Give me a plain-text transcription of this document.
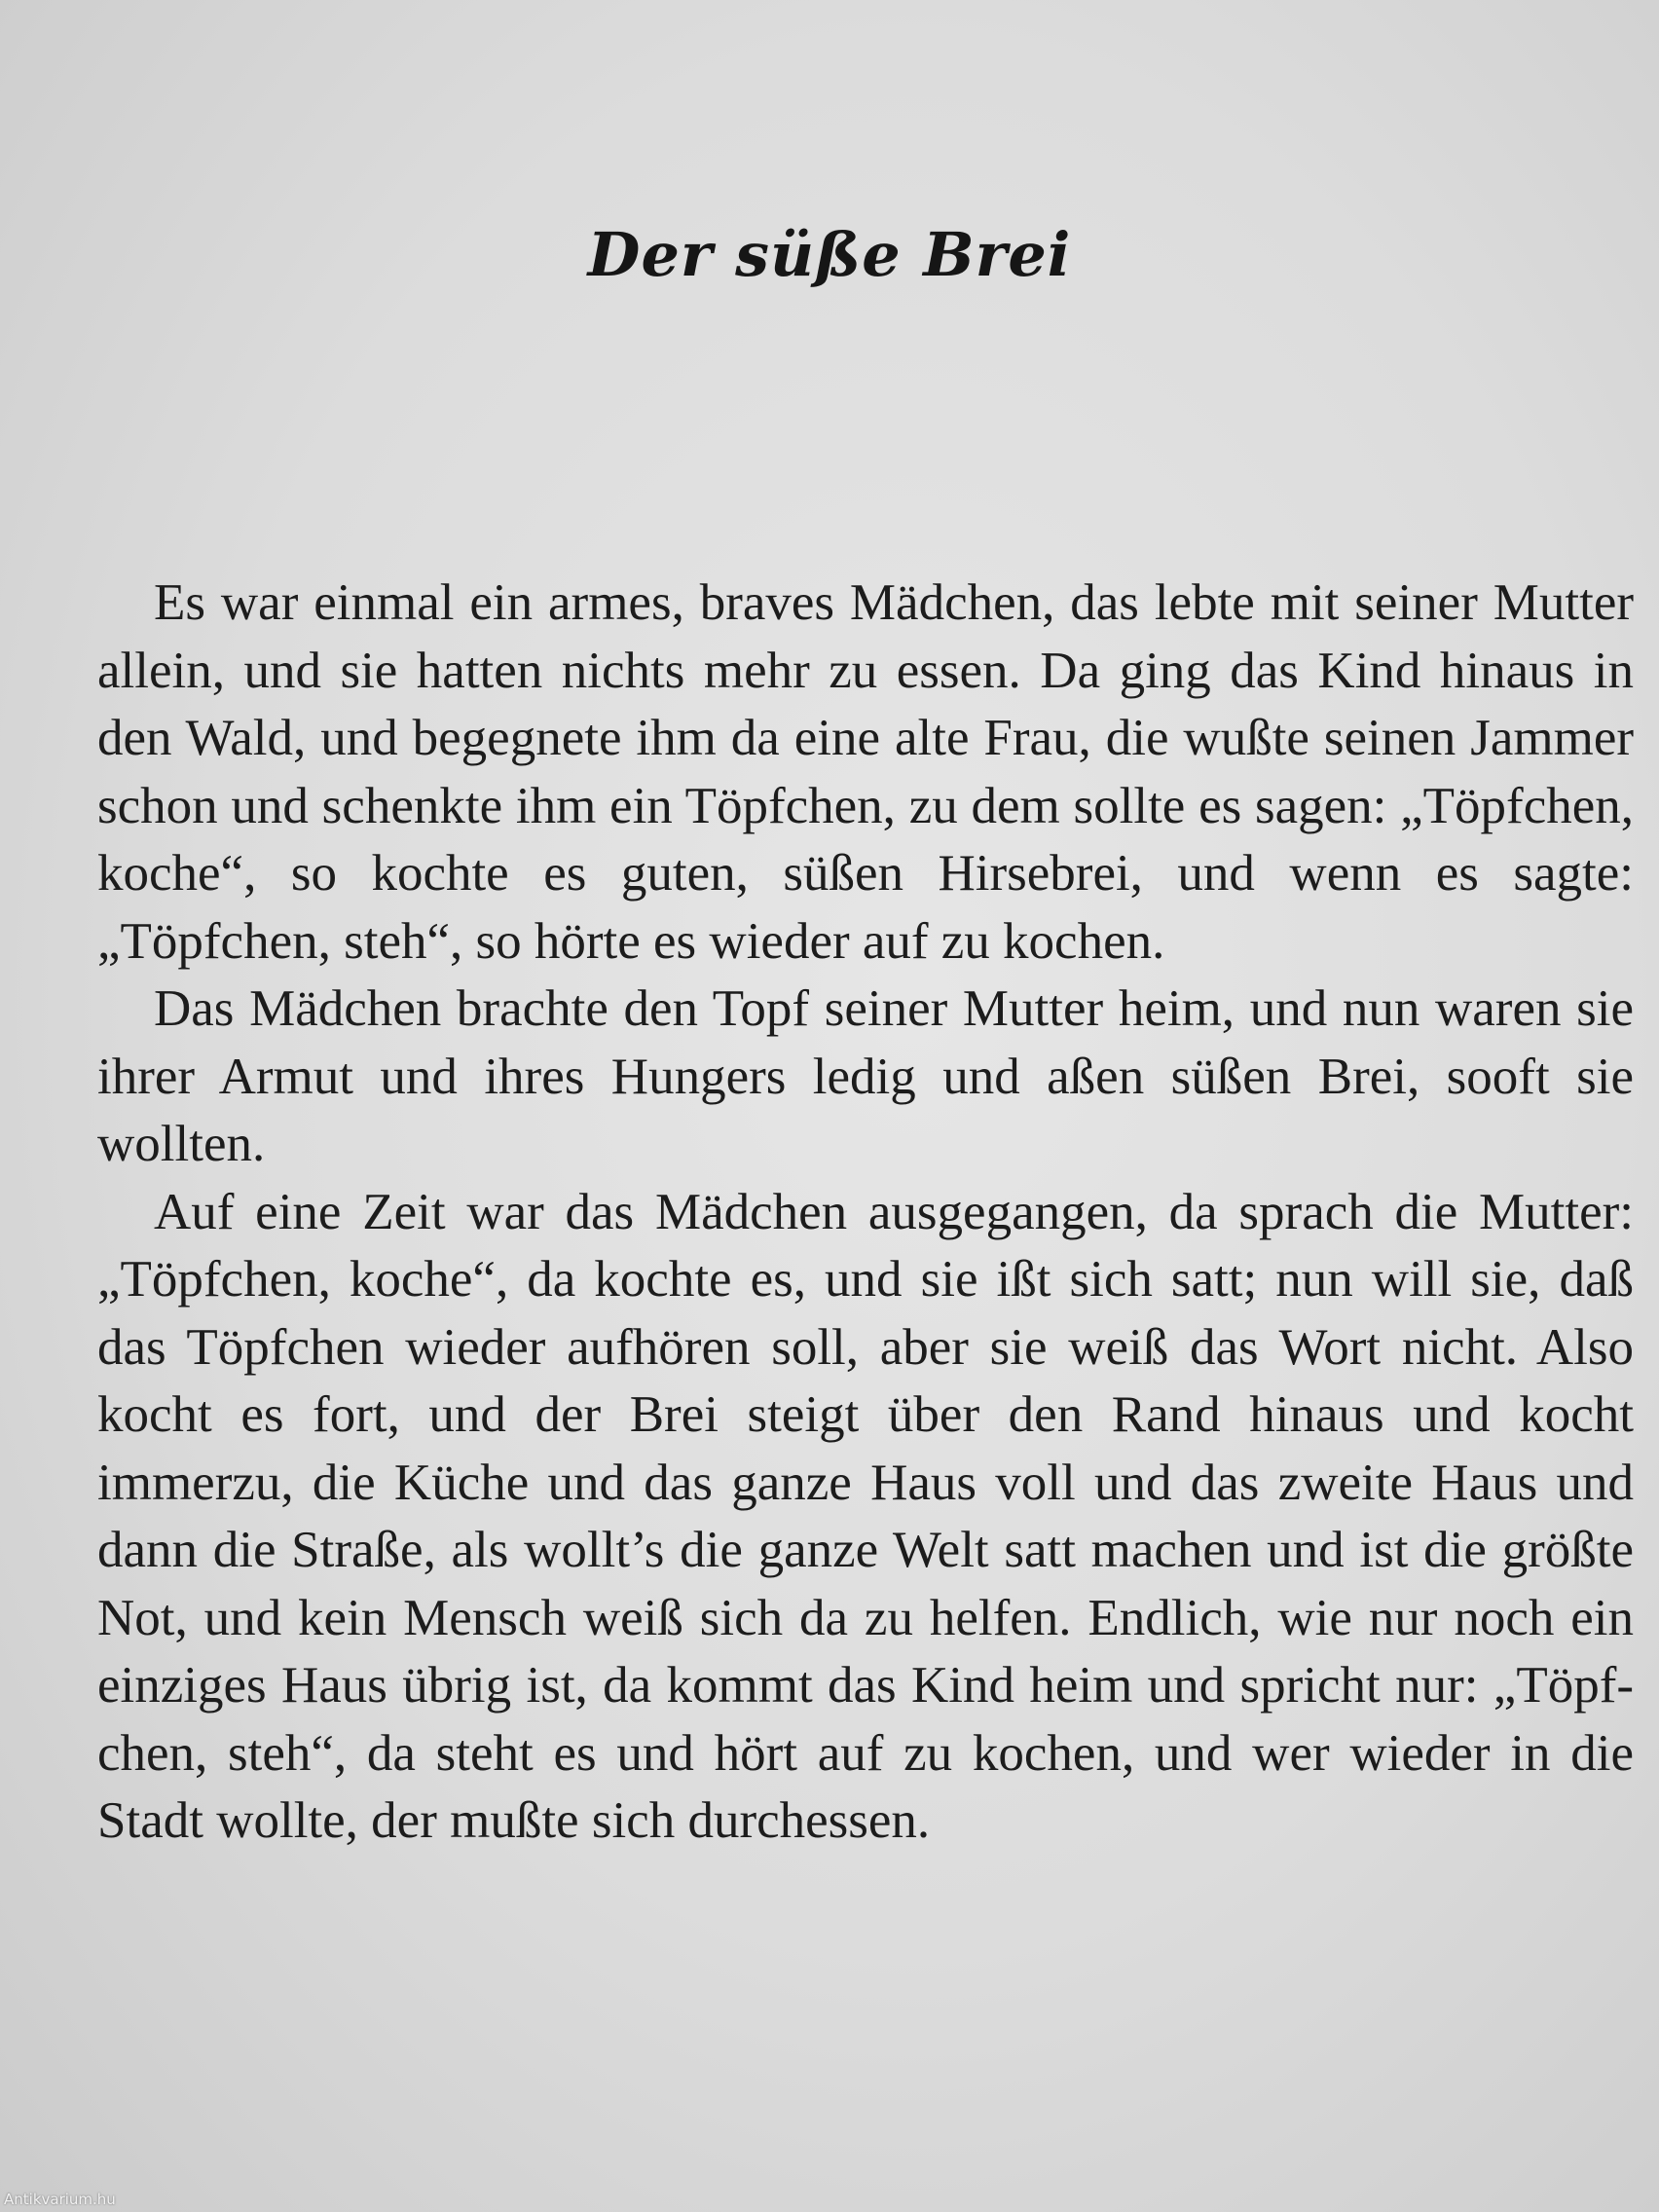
Der süße Brei

Es war einmal ein armes, braves Mädchen, das lebte mit seiner Mutter allein, und sie hatten nichts mehr zu essen. Da ging das Kind hinaus in den Wald, und begegnete ihm da eine alte Frau, die wußte seinen Jammer schon und schenkte ihm ein Töpfchen, zu dem sollte es sagen: „Töpfchen, koche“, so kochte es guten, süßen Hirsebrei, und wenn es sagte: „Töpfchen, steh“, so hörte es wieder auf zu kochen.

Das Mädchen brachte den Topf seiner Mutter heim, und nun waren sie ihrer Armut und ihres Hungers ledig und aßen süßen Brei, sooft sie wollten.

Auf eine Zeit war das Mädchen ausgegangen, da sprach die Mutter: „Töpfchen, koche“, da kochte es, und sie ißt sich satt; nun will sie, daß das Töpfchen wieder aufhören soll, aber sie weiß das Wort nicht. Also kocht es fort, und der Brei steigt über den Rand hinaus und kocht immerzu, die Küche und das ganze Haus voll und das zweite Haus und dann die Straße, als wollt’s die ganze Welt satt machen und ist die größte Not, und kein Mensch weiß sich da zu helfen. Endlich, wie nur noch ein einziges Haus übrig ist, da kommt das Kind heim und spricht nur: „Töpf-chen, steh“, da steht es und hört auf zu kochen, und wer wieder in die Stadt wollte, der mußte sich durchessen.

Antikvarium.hu
